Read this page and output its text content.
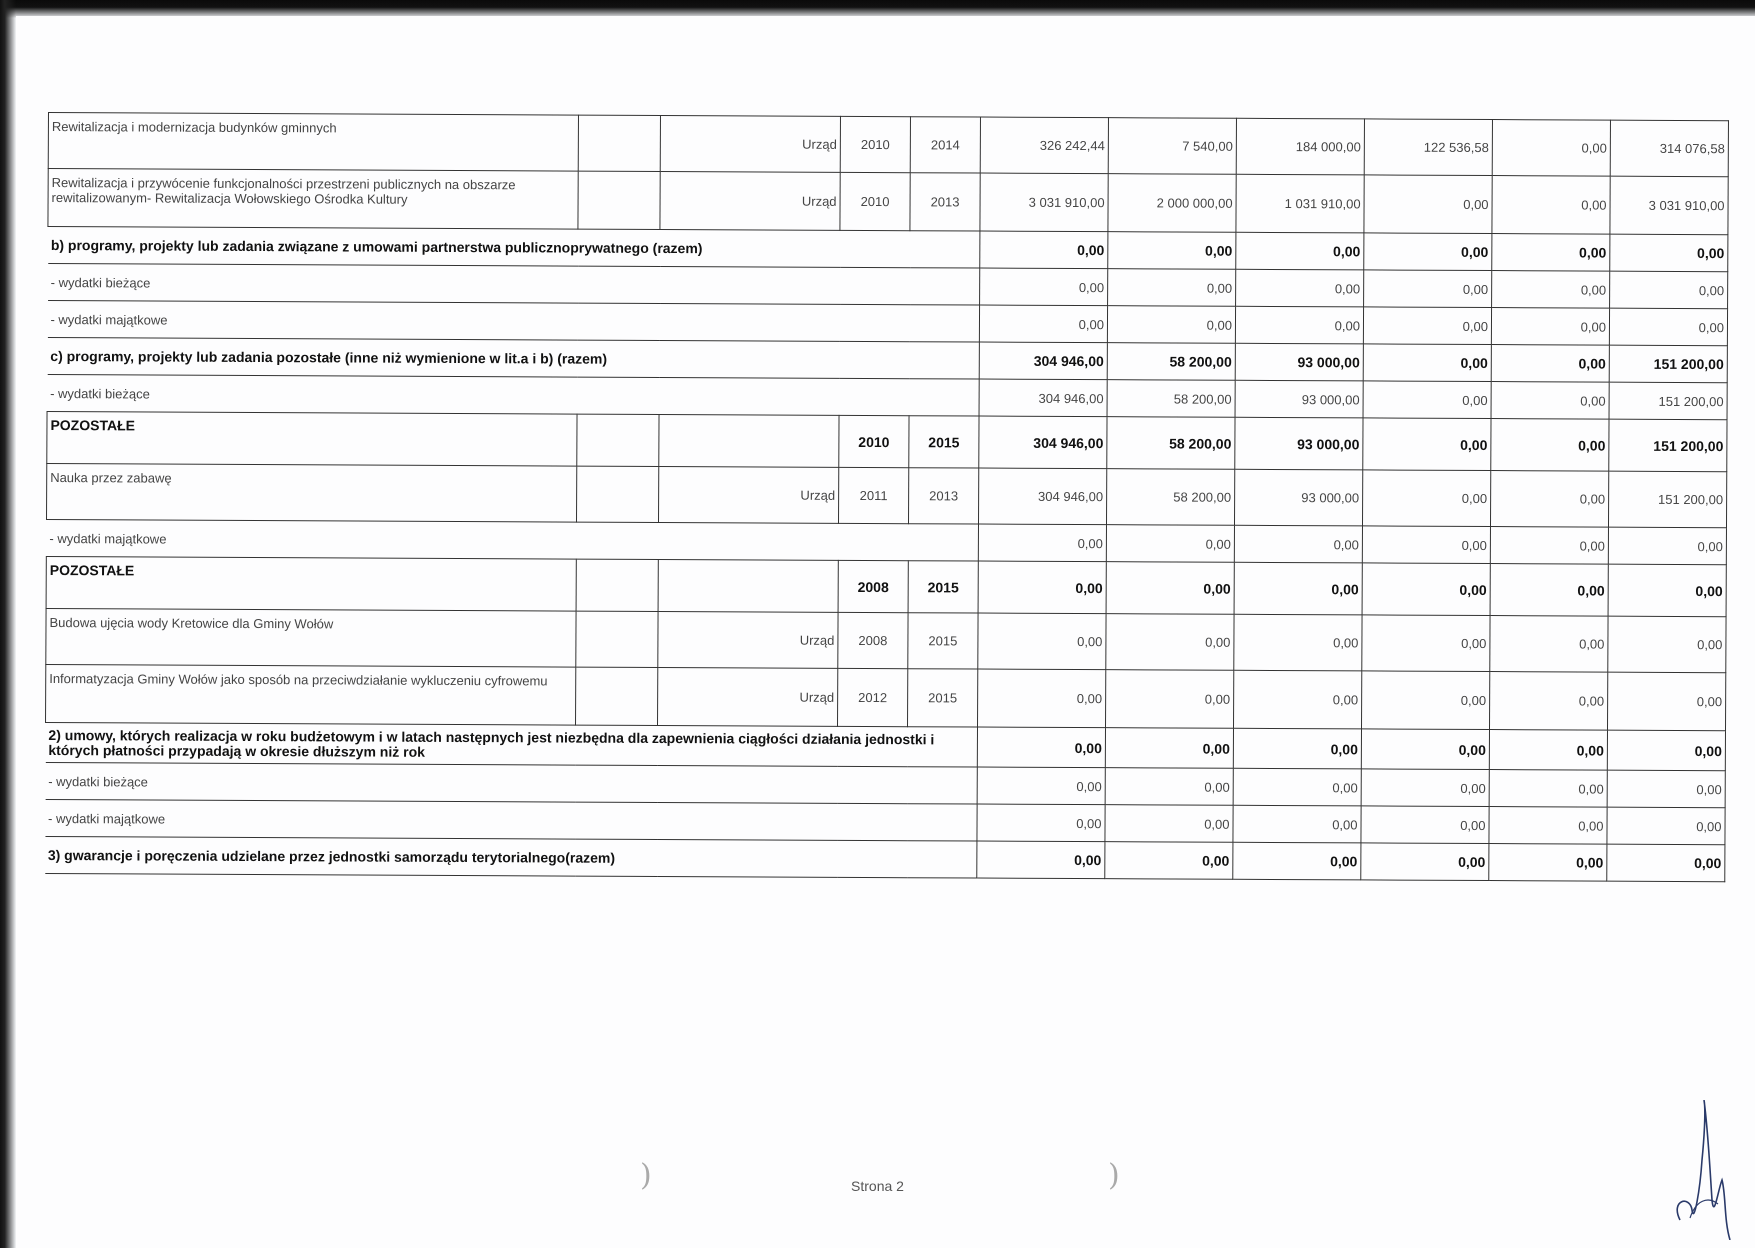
Rewitalizacja i modernizacja budynków gminnych		Urząd	2010	2014	326 242,44	7 540,00	184 000,00	122 536,58	0,00	314 076,58
Rewitalizacja i przywócenie funkcjonalności przestrzeni publicznych na obszarze rewitalizowanym- Rewitalizacja Wołowskiego Ośrodka Kultury		Urząd	2010	2013	3 031 910,00	2 000 000,00	1 031 910,00	0,00	0,00	3 031 910,00
b) programy, projekty lub zadania związane z umowami partnerstwa publicznoprywatnego (razem)					0,00	0,00	0,00	0,00	0,00	0,00
- wydatki bieżące					0,00	0,00	0,00	0,00	0,00	0,00
- wydatki majątkowe					0,00	0,00	0,00	0,00	0,00	0,00
c) programy, projekty lub zadania pozostałe (inne niż wymienione w lit.a i b) (razem)					304 946,00	58 200,00	93 000,00	0,00	0,00	151 200,00
- wydatki bieżące					304 946,00	58 200,00	93 000,00	0,00	0,00	151 200,00
POZOSTAŁE			2010	2015	304 946,00	58 200,00	93 000,00	0,00	0,00	151 200,00
Nauka przez zabawę		Urząd	2011	2013	304 946,00	58 200,00	93 000,00	0,00	0,00	151 200,00
- wydatki majątkowe					0,00	0,00	0,00	0,00	0,00	0,00
POZOSTAŁE			2008	2015	0,00	0,00	0,00	0,00	0,00	0,00
Budowa ujęcia wody Kretowice dla Gminy Wołów		Urząd	2008	2015	0,00	0,00	0,00	0,00	0,00	0,00
Informatyzacja Gminy Wołów jako sposób na przeciwdziałanie wykluczeniu cyfrowemu		Urząd	2012	2015	0,00	0,00	0,00	0,00	0,00	0,00
2) umowy, których realizacja w roku budżetowym i w latach następnych jest niezbędna dla zapewnienia ciągłości działania jednostki i których płatności przypadają w okresie dłuższym niż rok					0,00	0,00	0,00	0,00	0,00	0,00
- wydatki bieżące					0,00	0,00	0,00	0,00	0,00	0,00
- wydatki majątkowe					0,00	0,00	0,00	0,00	0,00	0,00
3) gwarancje i poręczenia udzielane przez jednostki samorządu terytorialnego(razem)					0,00	0,00	0,00	0,00	0,00	0,00
)	)
Strona 2
